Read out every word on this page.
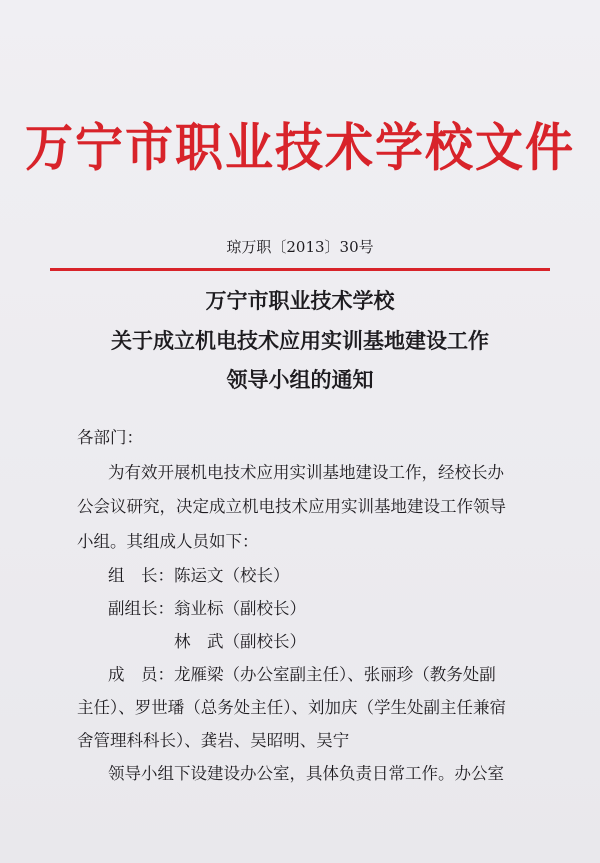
万宁市职业技术学校文件
琼万职〔2013〕30号
万宁市职业技术学校
关于成立机电技术应用实训基地建设工作
领导小组的通知
各部门：
为有效开展机电技术应用实训基地建设工作，经校长办
公会议研究，决定成立机电技术应用实训基地建设工作领导
小组。其组成人员如下：
组　长：陈运文（校长）
副组长：翁业标（副校长）
林　武（副校长）
成　员：龙雁梁（办公室副主任）、张丽珍（教务处副
主任）、罗世璠（总务处主任）、刘加庆（学生处副主任兼宿
舍管理科科长）、龚岩、吴昭明、吴宁
领导小组下设建设办公室，具体负责日常工作。办公室
